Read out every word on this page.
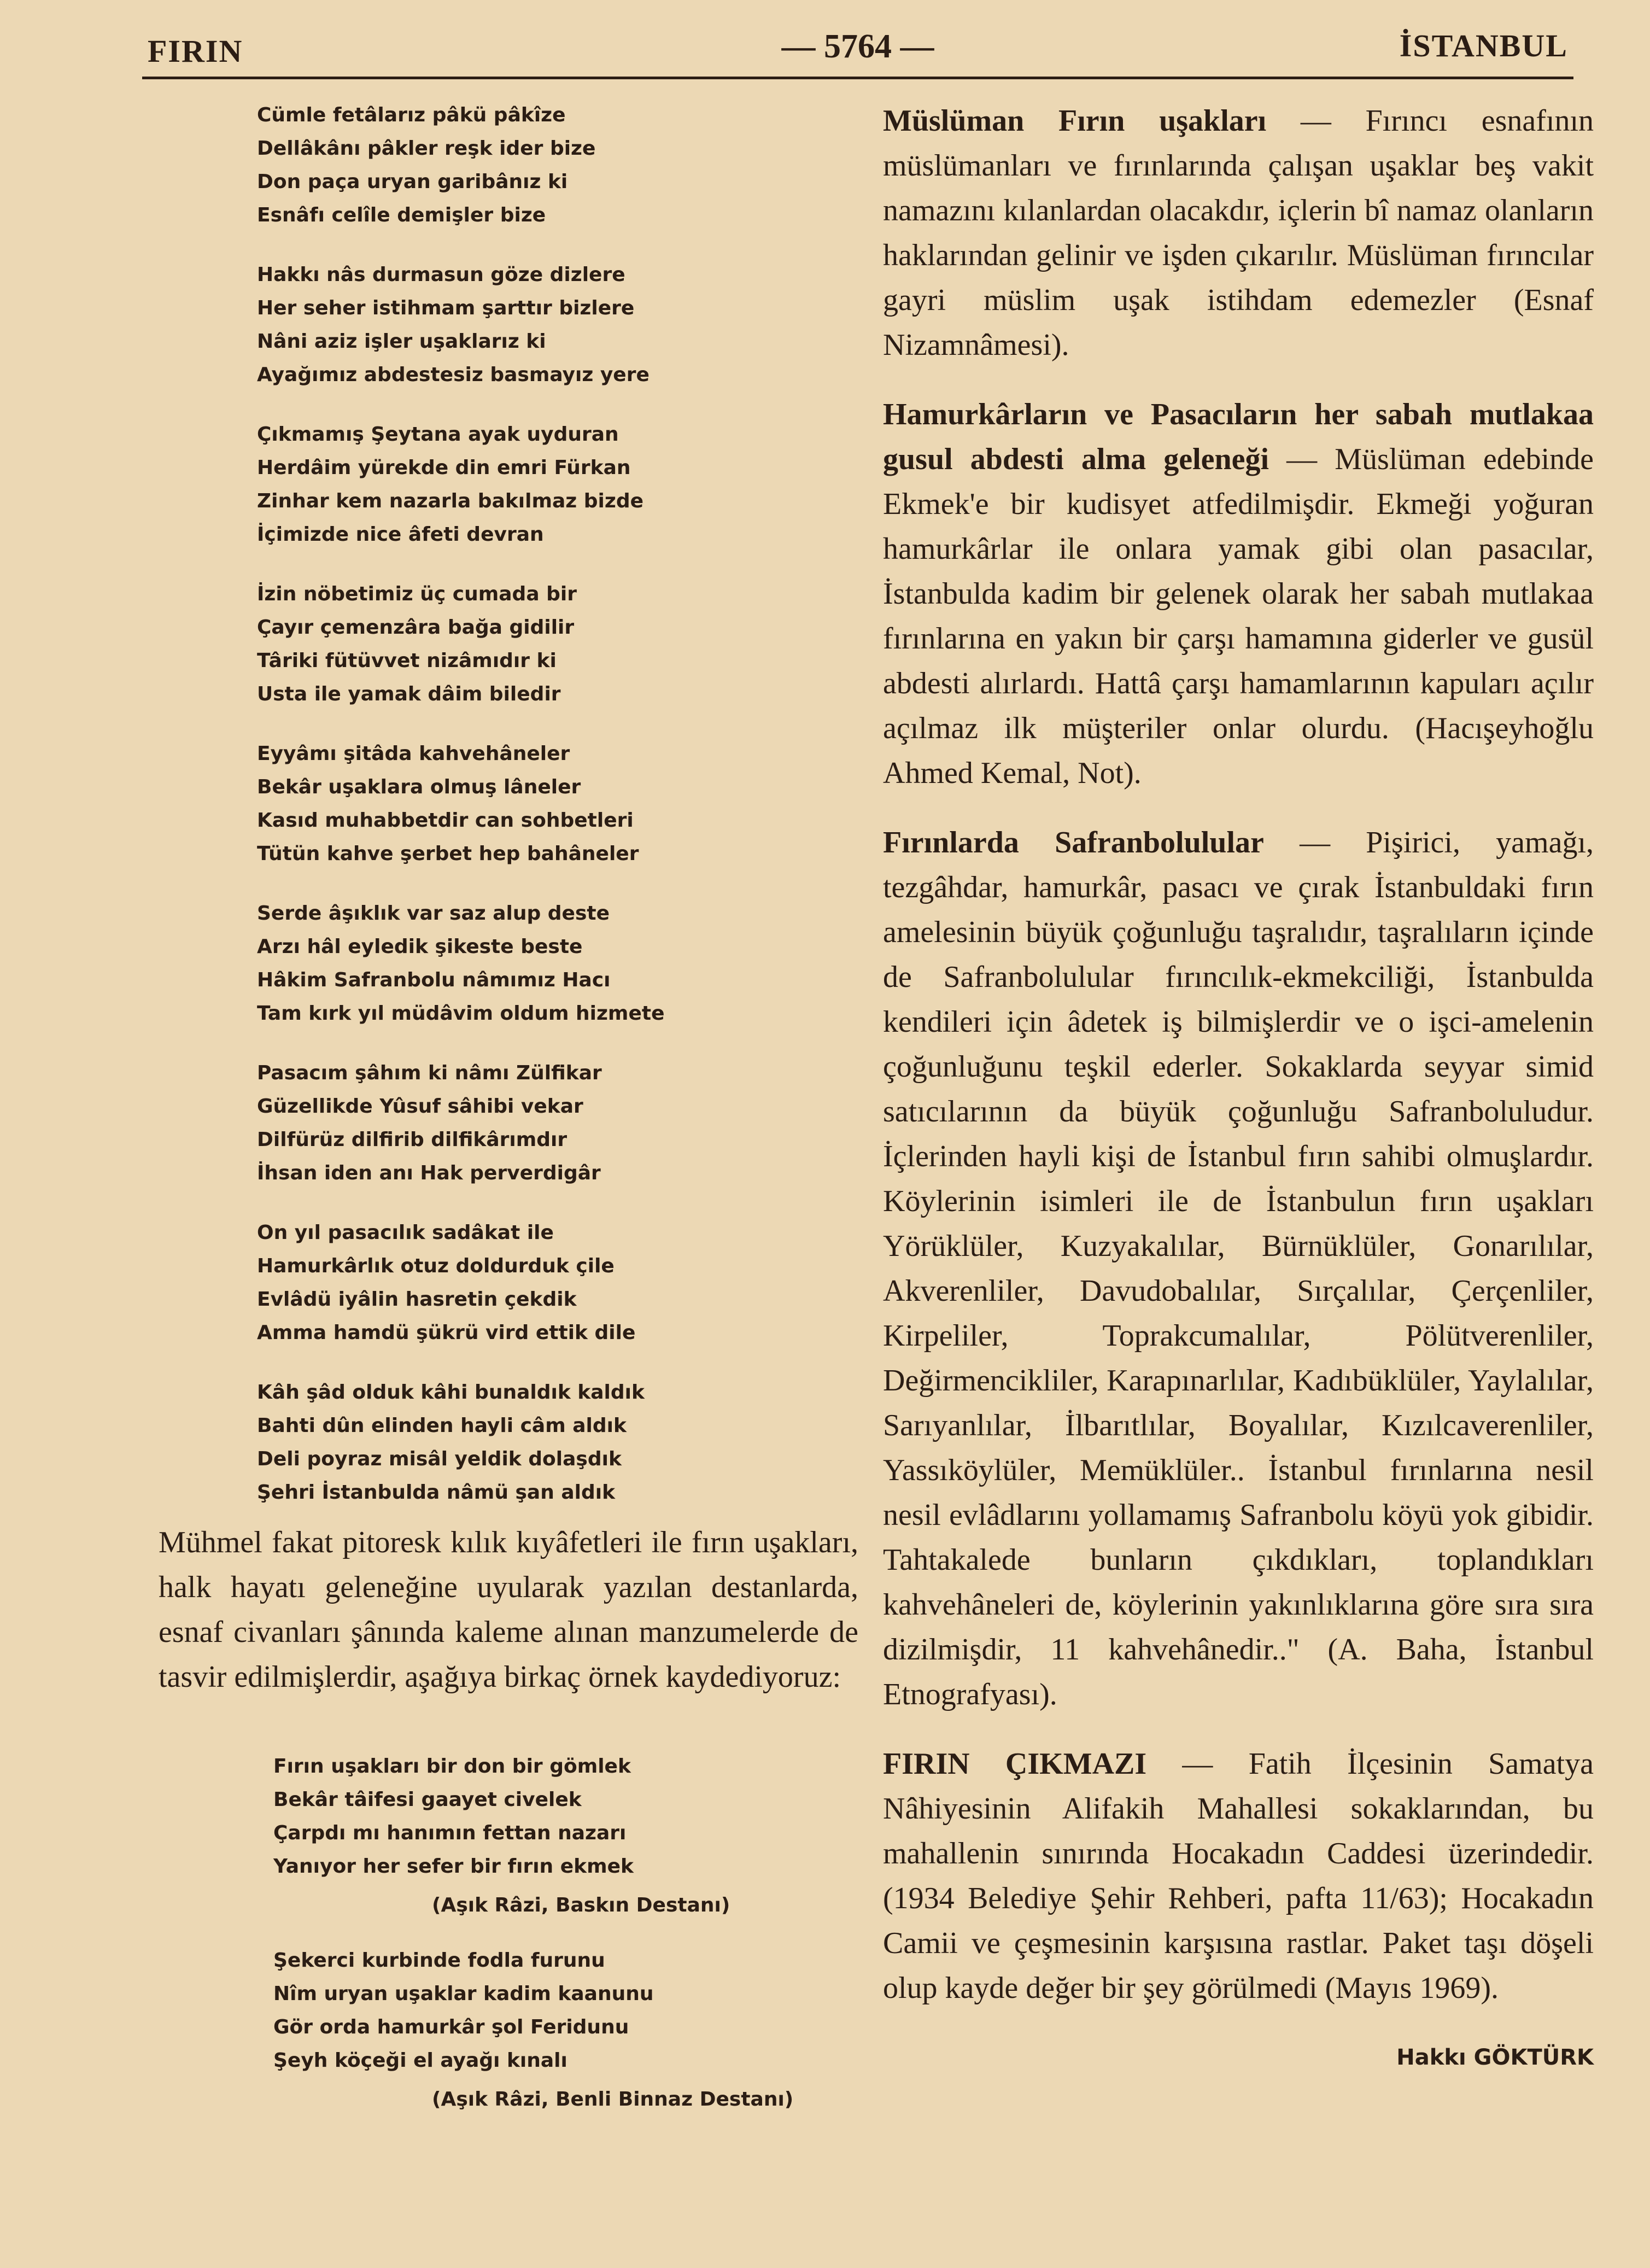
FIRIN	— 5764 —	İSTANBUL
Cümle fetâlarız pâkü pâkîze
Dellâkânı pâkler reşk ider bize
Don paça uryan garibânız ki
Esnâfı celîle demişler bize
Hakkı nâs durmasun göze dizlere
Her seher istihmam şarttır bizlere
Nâni aziz işler uşaklarız ki
Ayağımız abdestesiz basmayız yere
Çıkmamış Şeytana ayak uyduran
Herdâim yürekde din emri Fürkan
Zinhar kem nazarla bakılmaz bizde
İçimizde nice âfeti devran
İzin nöbetimiz üç cumada bir
Çayır çemenzâra bağa gidilir
Târiki fütüvvet nizâmıdır ki
Usta ile yamak dâim biledir
Eyyâmı şitâda kahvehâneler
Bekâr uşaklara olmuş lâneler
Kasıd muhabbetdir can sohbetleri
Tütün kahve şerbet hep bahâneler
Serde âşıklık var saz alup deste
Arzı hâl eyledik şikeste beste
Hâkim Safranbolu nâmımız Hacı
Tam kırk yıl müdâvim oldum hizmete
Pasacım şâhım ki nâmı Zülfikar
Güzellikde Yûsuf sâhibi vekar
Dilfürüz dilfirib dilfikârımdır
İhsan iden anı Hak perverdigâr
On yıl pasacılık sadâkat ile
Hamurkârlık otuz doldurduk çile
Evlâdü iyâlin hasretin çekdik
Amma hamdü şükrü vird ettik dile
Kâh şâd olduk kâhi bunaldık kaldık
Bahti dûn elinden hayli câm aldık
Deli poyraz misâl yeldik dolaşdık
Şehri İstanbulda nâmü şan aldık
Mühmel fakat pitoresk kılık kıyâfetleri ile fırın uşakları, halk hayatı geleneğine uyularak yazılan destanlarda, esnaf civanları şânında kaleme alınan manzumelerde de tasvir edilmişlerdir, aşağıya birkaç örnek kaydediyoruz:
Fırın uşakları bir don bir gömlek
Bekâr tâifesi gaayet civelek
Çarpdı mı hanımın fettan nazarı
Yanıyor her sefer bir fırın ekmek
(Aşık Râzi, Baskın Destanı)
Şekerci kurbinde fodla furunu
Nîm uryan uşaklar kadim kaanunu
Gör orda hamurkâr şol Feridunu
Şeyh köçeği el ayağı kınalı
(Aşık Râzi, Benli Binnaz Destanı)

Müslüman Fırın uşakları — Fırıncı esnafının müslümanları ve fırınlarında çalışan uşaklar beş vakit namazını kılanlardan olacakdır, içlerin bî namaz olanların haklarından gelinir ve işden çıkarılır. Müslüman fırıncılar gayri müslim uşak istihdam edemezler (Esnaf Nizamnâmesi).

Hamurkârların ve Pasacıların her sabah mutlakaa gusul abdesti alma geleneği — Müslüman edebinde Ekmek'e bir kudisyet atfedilmişdir. Ekmeği yoğuran hamurkârlar ile onlara yamak gibi olan pasacılar, İstanbulda kadim bir gelenek olarak her sabah mutlakaa fırınlarına en yakın bir çarşı hamamına giderler ve gusül abdesti alırlardı. Hattâ çarşı hamamlarının kapuları açılır açılmaz ilk müşteriler onlar olurdu. (Hacışeyhoğlu Ahmed Kemal, Not).

Fırınlarda Safranbolulular — Pişirici, yamağı, tezgâhdar, hamurkâr, pasacı ve çırak İstanbuldaki fırın amelesinin büyük çoğunluğu taşralıdır, taşralıların içinde de Safranbolulular fırıncılık-ekmekciliği, İstanbulda kendileri için âdetek iş bilmişlerdir ve o işci-amelenin çoğunluğunu teşkil ederler. Sokaklarda seyyar simid satıcılarının da büyük çoğunluğu Safranboluludur. İçlerinden hayli kişi de İstanbul fırın sahibi olmuşlardır. Köylerinin isimleri ile de İstanbulun fırın uşakları Yörüklüler, Kuzyakalılar, Bürnüklüler, Gonarılılar, Akverenliler, Davudobalılar, Sırçalılar, Çerçenliler, Kirpeliler, Toprakcumalılar, Pölütverenliler, Değirmencikliler, Karapınarlılar, Kadıbüklüler, Yaylalılar, Sarıyanlılar, İlbarıtlılar, Boyalılar, Kızılcaverenliler, Yassıköylüler, Memüklüler.. İstanbul fırınlarına nesil nesil evlâdlarını yollamamış Safranbolu köyü yok gibidir. Tahtakalede bunların çıkdıkları, toplandıkları kahvehâneleri de, köylerinin yakınlıklarına göre sıra sıra dizilmişdir, 11 kahvehânedir.." (A. Baha, İstanbul Etnografyası).

FIRIN ÇIKMAZI — Fatih İlçesinin Samatya Nâhiyesinin Alifakih Mahallesi sokaklarından, bu mahallenin sınırında Hocakadın Caddesi üzerindedir. (1934 Belediye Şehir Rehberi, pafta 11/63); Hocakadın Camii ve çeşmesinin karşısına rastlar. Paket taşı döşeli olup kayde değer bir şey görülmedi (Mayıs 1969).

Hakkı GÖKTÜRK
